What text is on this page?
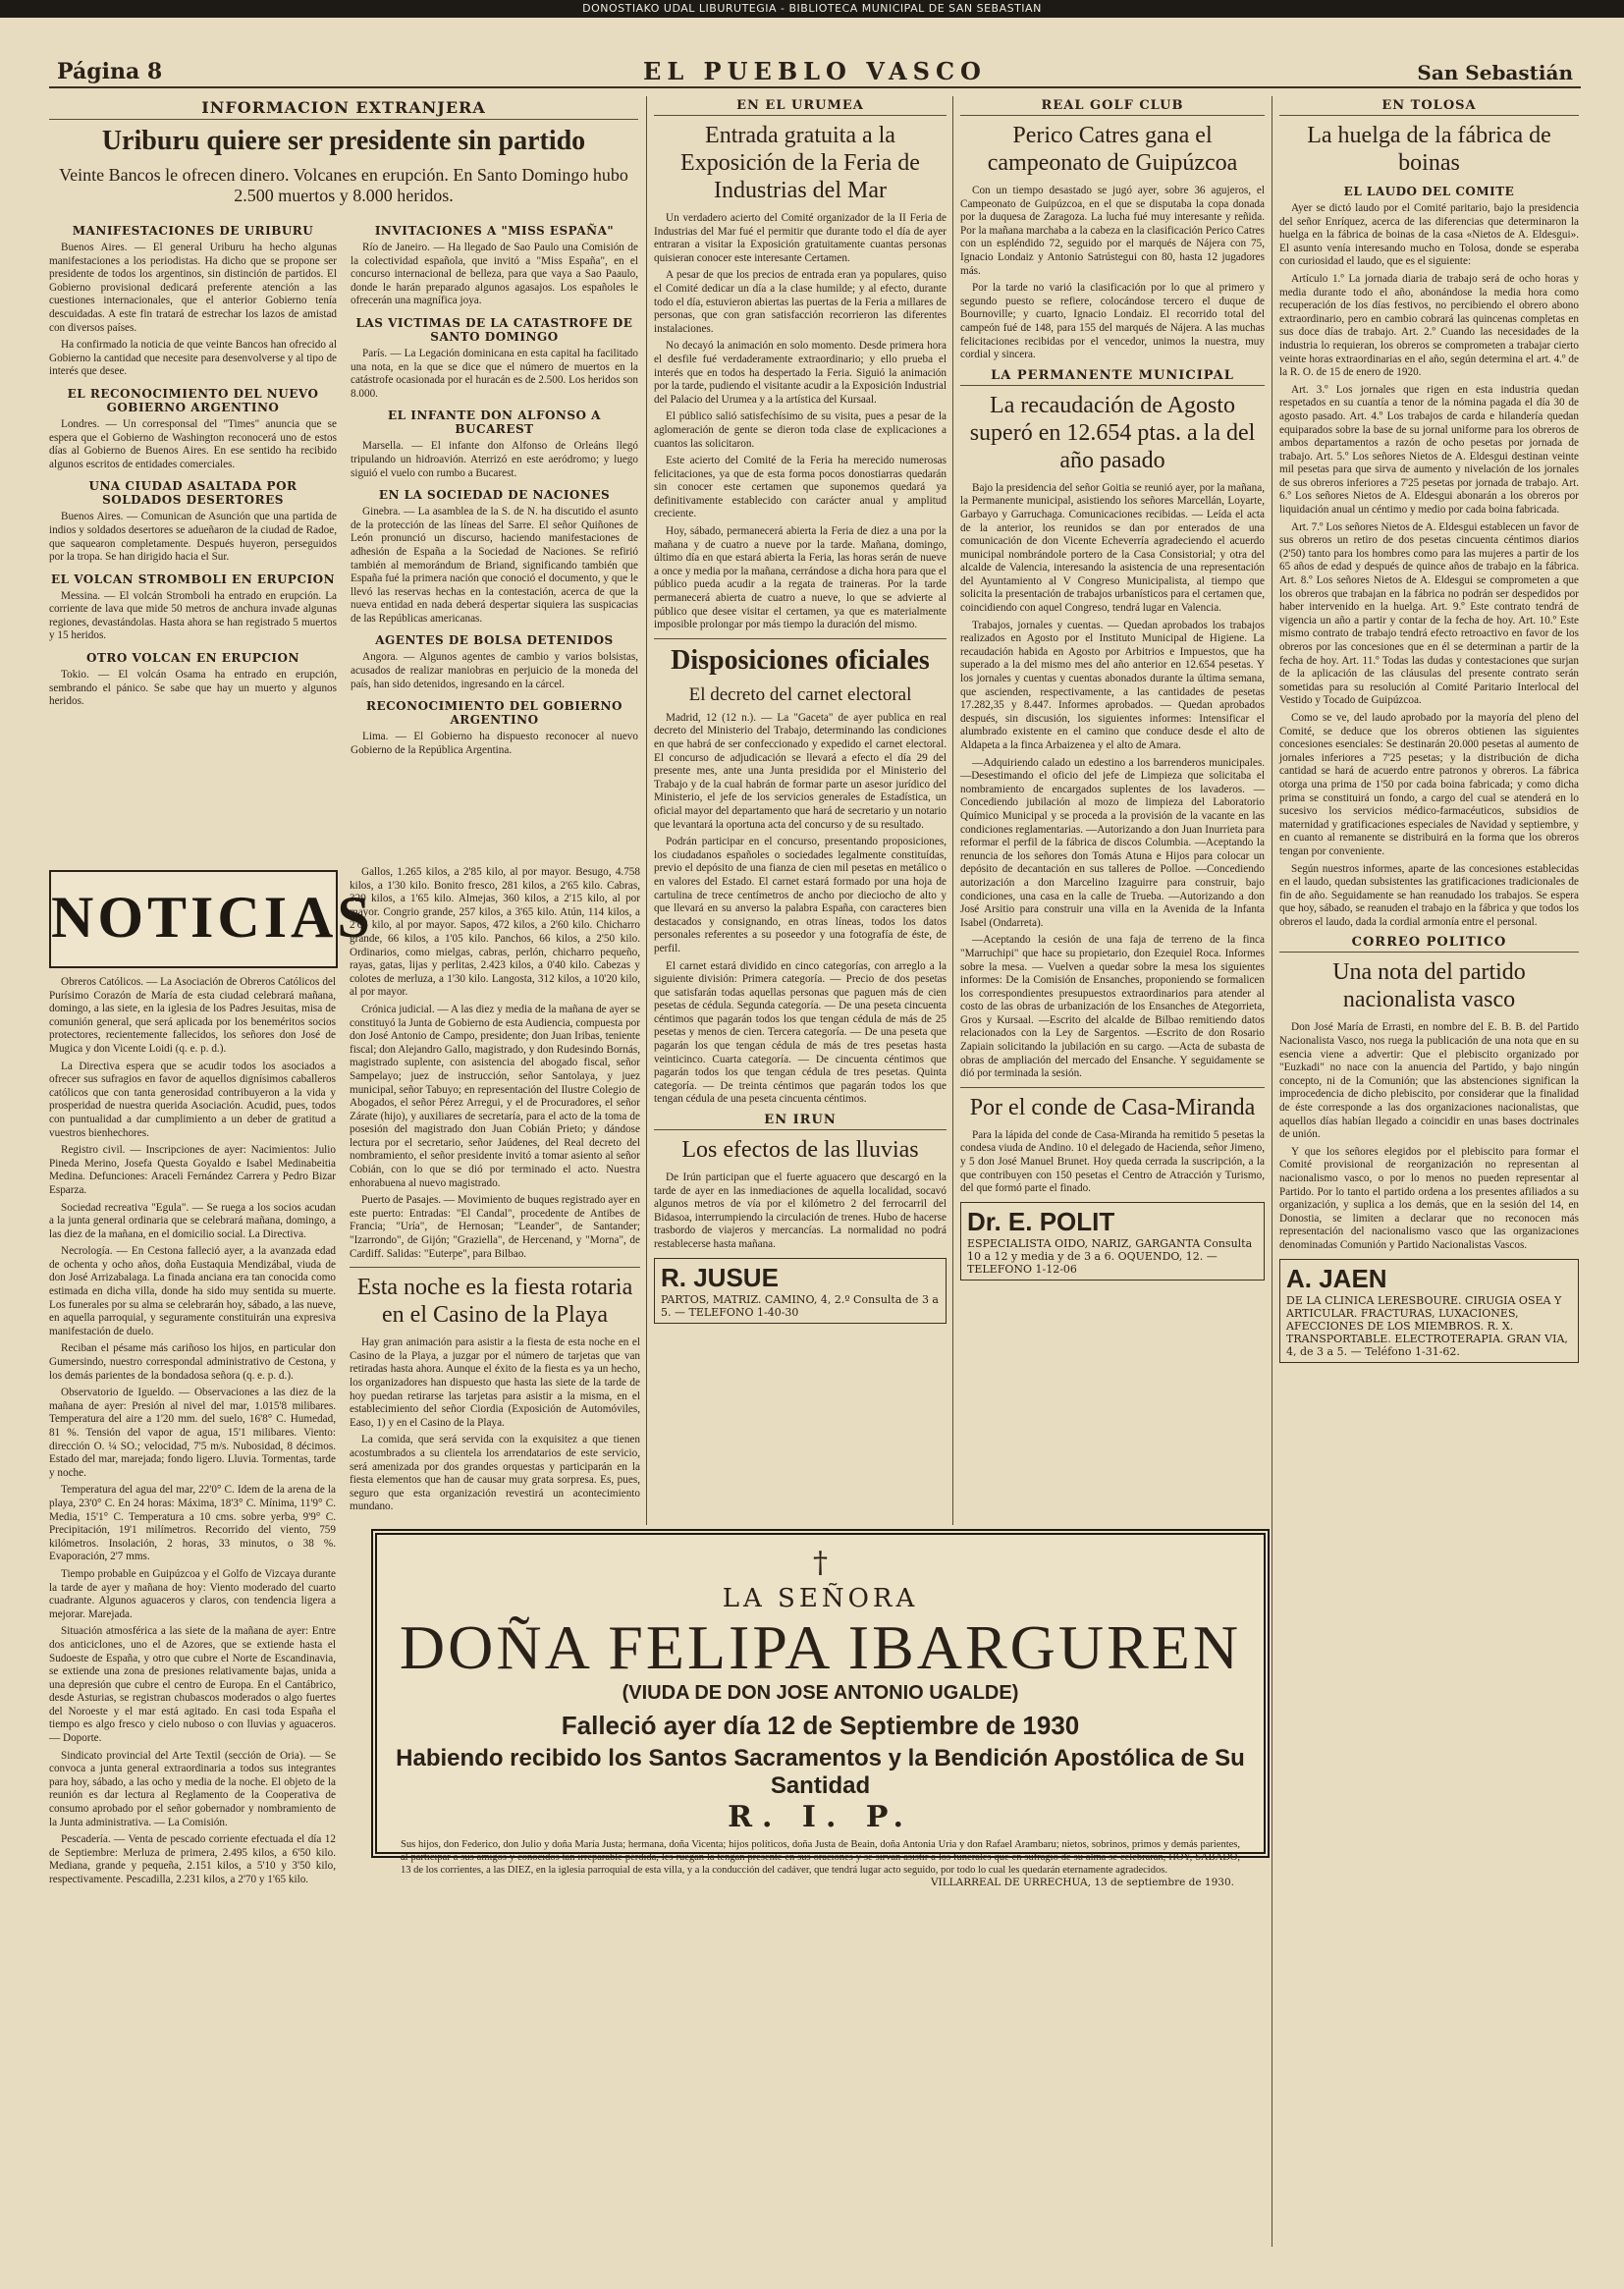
DONOSTIAKO UDAL LIBURUTEGIA - BIBLIOTECA MUNICIPAL DE SAN SEBASTIAN
Página 8	EL PUEBLO VASCO	San Sebastián
INFORMACION EXTRANJERA
Uriburu quiere ser presidente sin partido
Veinte Bancos le ofrecen dinero. Volcanes en erupción. En Santo Domingo hubo 2.500 muertos y 8.000 heridos.
MANIFESTACIONES DE URIBURU

Buenos Aires. — El general Uriburu ha hecho algunas manifestaciones a los periodistas. Ha dicho que se propone ser presidente de todos los argentinos, sin distinción de partidos. El Gobierno provisional dedicará preferente atención a las cuestiones internacionales, que el anterior Gobierno tenía descuidadas. A este fin tratará de estrechar los lazos de amistad con diversos países.

Ha confirmado la noticia de que veinte Bancos han ofrecido al Gobierno la cantidad que necesite para desenvolverse y al tipo de interés que desee.

EL RECONOCIMIENTO DEL NUEVO GOBIERNO ARGENTINO

Londres. — Un corresponsal del "Times" anuncia que se espera que el Gobierno de Washington reconocerá uno de estos días al Gobierno de Buenos Aires. En ese sentido ha recibido algunos escritos de entidades comerciales.

UNA CIUDAD ASALTADA POR SOLDADOS DESERTORES

Buenos Aires. — Comunican de Asunción que una partida de indios y soldados desertores se adueñaron de la ciudad de Radoe, que saquearon completamente. Después huyeron, perseguidos por la tropa. Se han dirigido hacia el Sur.

EL VOLCAN STROMBOLI EN ERUPCION

Messina. — El volcán Stromboli ha entrado en erupción. La corriente de lava que mide 50 metros de anchura invade algunas regiones, devastándolas. Hasta ahora se han registrado 5 muertos y 15 heridos.

OTRO VOLCAN EN ERUPCION

Tokio. — El volcán Osama ha entrado en erupción, sembrando el pánico. Se sabe que hay un muerto y algunos heridos.

INVITACIONES A "MISS ESPAÑA"

Río de Janeiro. — Ha llegado de Sao Paulo una Comisión de la colectividad española, que invitó a "Miss España", en el concurso internacional de belleza, para que vaya a Sao Paaulo, donde le harán preparado algunos agasajos. Los españoles le ofrecerán una magnífica joya.

LAS VICTIMAS DE LA CATASTROFE DE SANTO DOMINGO

París. — La Legación dominicana en esta capital ha facilitado una nota, en la que se dice que el número de muertos en la catástrofe ocasionada por el huracán es de 2.500. Los heridos son 8.000.

EL INFANTE DON ALFONSO A BUCAREST

Marsella. — El infante don Alfonso de Orleáns llegó tripulando un hidroavión. Aterrizó en este aeródromo; y luego siguió el vuelo con rumbo a Bucarest.

EN LA SOCIEDAD DE NACIONES

Ginebra. — La asamblea de la S. de N. ha discutido el asunto de la protección de las líneas del Sarre. El señor Quiñones de León pronunció un discurso, haciendo manifestaciones de adhesión de España a la Sociedad de Naciones. Se refirió también al memorándum de Briand, significando también que España fué la primera nación que conoció el documento, y que le llevó las reservas hechas en la contestación, acerca de que la nueva entidad en nada deberá despertar siquiera las suspicacias de las Repúblicas americanas.

AGENTES DE BOLSA DETENIDOS

Angora. — Algunos agentes de cambio y varios bolsistas, acusados de realizar maniobras en perjuicio de la moneda del país, han sido detenidos, ingresando en la cárcel.

RECONOCIMIENTO DEL GOBIERNO ARGENTINO

Lima. — El Gobierno ha dispuesto reconocer al nuevo Gobierno de la República Argentina.

NOTICIAS

Obreros Católicos. — La Asociación de Obreros Católicos del Purísimo Corazón de María de esta ciudad celebrará mañana, domingo, a las siete, en la iglesia de los Padres Jesuitas, misa de comunión general, que será aplicada por los beneméritos socios protectores, recientemente fallecidos, los señores don José de Mugica y don Vicente Loidi (q. e. p. d.).

La Directiva espera que se acudir todos los asociados a ofrecer sus sufragios en favor de aquellos dignísimos caballeros católicos que con tanta generosidad contribuyeron a la vida y prosperidad de nuestra querida Asociación. Acudid, pues, todos con puntualidad a dar cumplimiento a un deber de gratitud a vuestros bienhechores.

Registro civil. — Inscripciones de ayer: Nacimientos: Julio Pineda Merino, Josefa Questa Goyaldo e Isabel Medinabeitia Medina. Defunciones: Araceli Fernández Carrera y Pedro Bizar Esparza.

Sociedad recreativa "Egula". — Se ruega a los socios acudan a la junta general ordinaria que se celebrará mañana, domingo, a las diez de la mañana, en el domicilio social. La Directiva.

Necrología. — En Cestona falleció ayer, a la avanzada edad de ochenta y ocho años, doña Eustaquia Mendizábal, viuda de don José Arrizabalaga. La finada anciana era tan conocida como estimada en dicha villa, donde ha sido muy sentida su muerte. Los funerales por su alma se celebrarán hoy, sábado, a las nueve, en aquella parroquial, y seguramente constituirán una expresiva manifestación de duelo.

Reciban el pésame más cariñoso los hijos, en particular don Gumersindo, nuestro correspondal administrativo de Cestona, y los demás parientes de la bondadosa señora (q. e. p. d.).

Observatorio de Igueldo. — Observaciones a las diez de la mañana de ayer: Presión al nivel del mar, 1.015'8 milibares. Temperatura del aire a 1'20 mm. del suelo, 16'8° C. Humedad, 81 %. Tensión del vapor de agua, 15'1 milibares. Viento: dirección O. ¼ SO.; velocidad, 7'5 m/s. Nubosidad, 8 décimos. Estado del mar, marejada; fondo ligero. Lluvia. Tormentas, tarde y noche.

Temperatura del agua del mar, 22'0° C. Idem de la arena de la playa, 23'0° C. En 24 horas: Máxima, 18'3° C. Mínima, 11'9° C. Media, 15'1° C. Temperatura a 10 cms. sobre yerba, 9'9° C. Precipitación, 19'1 milímetros. Recorrido del viento, 759 kilómetros. Insolación, 2 horas, 33 minutos, o 38 %. Evaporación, 2'7 mms.

Tiempo probable en Guipúzcoa y el Golfo de Vizcaya durante la tarde de ayer y mañana de hoy: Viento moderado del cuarto cuadrante. Algunos aguaceros y claros, con tendencia ligera a mejorar. Marejada.

Situación atmosférica a las siete de la mañana de ayer: Entre dos anticiclones, uno el de Azores, que se extiende hasta el Sudoeste de España, y otro que cubre el Norte de Escandinavia, se extiende una zona de presiones relativamente bajas, unida a una depresión que cubre el centro de Europa. En el Cantábrico, desde Asturias, se registran chubascos moderados o algo fuertes del Noroeste y el mar está agitado. En casi toda España el tiempo es algo fresco y cielo nuboso o con lluvias y aguaceros. — Doporte.

Sindicato provincial del Arte Textil (sección de Oria). — Se convoca a junta general extraordinaria a todos sus integrantes para hoy, sábado, a las ocho y media de la noche. El objeto de la reunión es dar lectura al Reglamento de la Cooperativa de consumo aprobado por el señor gobernador y nombramiento de la Junta administrativa. — La Comisión.

Pescadería. — Venta de pescado corriente efectuada el día 12 de Septiembre: Merluza de primera, 2.495 kilos, a 6'50 kilo. Mediana, grande y pequeña, 2.151 kilos, a 5'10 y 3'50 kilo, respectivamente. Pescadilla, 2.231 kilos, a 2'70 y 1'65 kilo.

Gallos, 1.265 kilos, a 2'85 kilo, al por mayor. Besugo, 4.758 kilos, a 1'30 kilo. Bonito fresco, 281 kilos, a 2'65 kilo. Cabras, 329 kilos, a 1'65 kilo. Almejas, 360 kilos, a 2'15 kilo, al por mayor. Congrio grande, 257 kilos, a 3'65 kilo. Atún, 114 kilos, a 2'65 kilo, al por mayor. Sapos, 472 kilos, a 2'60 kilo. Chicharro grande, 66 kilos, a 1'05 kilo. Panchos, 66 kilos, a 2'50 kilo. Ordinarios, como mielgas, cabras, perlón, chicharro pequeño, rayas, gatas, lijas y perlitas, 2.423 kilos, a 0'40 kilo. Cabezas y colotes de merluza, a 1'30 kilo. Langosta, 312 kilos, a 10'20 kilo, al por mayor.

Crónica judicial. — A las diez y media de la mañana de ayer se constituyó la Junta de Gobierno de esta Audiencia, compuesta por don José Antonio de Campo, presidente; don Juan Iribas, teniente fiscal; don Alejandro Gallo, magistrado, y don Rudesindo Bornás, magistrado suplente, con asistencia del abogado fiscal, señor Sampelayo; juez de instrucción, señor Santolaya, y juez municipal, señor Tabuyo; en representación del Ilustre Colegio de Abogados, el señor Pérez Arregui, y el de Procuradores, el señor Zárate (hijo), y auxiliares de secretaría, para el acto de la toma de posesión del magistrado don Juan Cobián Prieto; y dándose lectura por el secretario, señor Jaúdenes, del Real decreto del nombramiento, el señor presidente invitó a tomar asiento al señor Cobián, con lo que se dió por terminado el acto. Nuestra enhorabuena al nuevo magistrado.

Puerto de Pasajes. — Movimiento de buques registrado ayer en este puerto: Entradas: "El Candal", procedente de Antibes de Francia; "Uría", de Hernosan; "Leander", de Santander; "Izarrondo", de Gijón; "Graziella", de Hercenand, y "Morna", de Cardiff. Salidas: "Euterpe", para Bilbao.

Esta noche es la fiesta rotaria en el Casino de la Playa

Hay gran animación para asistir a la fiesta de esta noche en el Casino de la Playa, a juzgar por el número de tarjetas que van retiradas hasta ahora. Aunque el éxito de la fiesta es ya un hecho, los organizadores han dispuesto que hasta las siete de la tarde de hoy puedan retirarse las tarjetas para asistir a la misma, en el establecimiento del señor Ciordia (Exposición de Automóviles, Easo, 1) y en el Casino de la Playa.

La comida, que será servida con la exquisitez a que tienen acostumbrados a su clientela los arrendatarios de este servicio, será amenizada por dos grandes orquestas y participarán en la fiesta elementos que han de causar muy grata sorpresa. Es, pues, seguro que esta organización revestirá un acontecimiento mundano.

EN EL URUMEA
Entrada gratuita a la Exposición de la Feria de Industrias del Mar

Un verdadero acierto del Comité organizador de la II Feria de Industrias del Mar fué el permitir que durante todo el día de ayer entraran a visitar la Exposición gratuitamente cuantas personas quisieran conocer este interesante Certamen.

A pesar de que los precios de entrada eran ya populares, quiso el Comité dedicar un día a la clase humilde; y al efecto, durante todo el día, estuvieron abiertas las puertas de la Feria a millares de personas, que con gran satisfacción recorrieron las diferentes instalaciones.

No decayó la animación en solo momento. Desde primera hora el desfile fué verdaderamente extraordinario; y ello prueba el interés que en todos ha despertado la Feria. Siguió la animación por la tarde, pudiendo el visitante acudir a la Exposición Industrial del Palacio del Urumea y a la artística del Kursaal.

El público salió satisfechísimo de su visita, pues a pesar de la aglomeración de gente se dieron toda clase de explicaciones a cuantos las solicitaron.

Este acierto del Comité de la Feria ha merecido numerosas felicitaciones, ya que de esta forma pocos donostiarras quedarán sin conocer este certamen que suponemos quedará ya definitivamente establecido con carácter anual y amplitud creciente.

Hoy, sábado, permanecerá abierta la Feria de diez a una por la mañana y de cuatro a nueve por la tarde. Mañana, domingo, último día en que estará abierta la Feria, las horas serán de nueve a once y media por la mañana, cerrándose a dicha hora para que el público pueda acudir a la regata de traineras. Por la tarde permanecerá abierta de cuatro a nueve, lo que se advierte al público que desee visitar el certamen, ya que es materialmente imposible prolongar por más tiempo la duración del mismo.

Disposiciones oficiales
El decreto del carnet electoral

Madrid, 12 (12 n.). — La "Gaceta" de ayer publica en real decreto del Ministerio del Trabajo, determinando las condiciones en que habrá de ser confeccionado y expedido el carnet electoral. El concurso de adjudicación se llevará a efecto el día 29 del presente mes, ante una Junta presidida por el Ministerio del Trabajo y de la cual habrán de formar parte un asesor jurídico del Ministerio, el jefe de los servicios generales de Estadística, un oficial mayor del departamento que hará de secretario y un notario que levantará la oportuna acta del concurso y de su resultado.

Podrán participar en el concurso, presentando proposiciones, los ciudadanos españoles o sociedades legalmente constituídas, previo el depósito de una fianza de cien mil pesetas en metálico o en valores del Estado. El carnet estará formado por una hoja de cartulina de trece centímetros de ancho por dieciocho de alto y que llevará en su anverso la palabra España, con caracteres bien destacados y consignando, en otras líneas, todos los datos personales referentes a su poseedor y una fotografía de éste, de perfil.

El carnet estará dividido en cinco categorías, con arreglo a la siguiente división: Primera categoría. — Precio de dos pesetas que satisfarán todas aquellas personas que paguen más de cien pesetas de cédula. Segunda categoría. — De una peseta cincuenta céntimos que pagarán todos los que tengan cédula de más de 25 pesetas y menos de cien. Tercera categoría. — De una peseta que pagarán los que tengan cédula de más de tres pesetas hasta veinticinco. Cuarta categoría. — De cincuenta céntimos que pagarán todos los que tengan cédula de tres pesetas. Quinta categoría. — De treinta céntimos que pagarán todos los que tengan cédula de una peseta cincuenta céntimos.

EN IRUN
Los efectos de las lluvias

De Irún participan que el fuerte aguacero que descargó en la tarde de ayer en las inmediaciones de aquella localidad, socavó algunos metros de vía por el kilómetro 2 del ferrocarril del Bidasoa, interrumpiendo la circulación de trenes. Hubo de hacerse trasbordo de viajeros y mercancías. La normalidad no podrá restablecerse hasta mañana.

R. JUSUE
PARTOS, MATRIZ. CAMINO, 4, 2.º Consulta de 3 a 5. — TELEFONO 1-40-30
REAL GOLF CLUB
Perico Catres gana el campeonato de Guipúzcoa

Con un tiempo desastado se jugó ayer, sobre 36 agujeros, el Campeonato de Guipúzcoa, en el que se disputaba la copa donada por la duquesa de Zaragoza. La lucha fué muy interesante y reñida. Por la mañana marchaba a la cabeza en la clasificación Perico Catres con un espléndido 72, seguido por el marqués de Nájera con 75, Ignacio Londaiz y Antonio Satrústegui con 80, hasta 12 jugadores más.

Por la tarde no varió la clasificación por lo que al primero y segundo puesto se refiere, colocándose tercero el duque de Bournoville; y cuarto, Ignacio Londaiz. El recorrido total del campeón fué de 148, para 155 del marqués de Nájera. A las muchas felicitaciones recibidas por el vencedor, unimos la nuestra, muy cordial y sincera.

LA PERMANENTE MUNICIPAL
La recaudación de Agosto superó en 12.654 ptas. a la del año pasado

Bajo la presidencia del señor Goitia se reunió ayer, por la mañana, la Permanente municipal, asistiendo los señores Marcellán, Loyarte, Garbayo y Garruchaga. Comunicaciones recibidas. — Leída el acta de la anterior, los reunidos se dan por enterados de una comunicación de don Vicente Echeverría agradeciendo el acuerdo municipal nombrándole portero de la Casa Consistorial; y otra del alcalde de Valencia, interesando la asistencia de una representación del Ayuntamiento al V Congreso Municipalista, al tiempo que solicita la presentación de trabajos urbanísticos para el certamen que, coincidiendo con aquel Congreso, tendrá lugar en Valencia.

Trabajos, jornales y cuentas. — Quedan aprobados los trabajos realizados en Agosto por el Instituto Municipal de Higiene. La recaudación habida en Agosto por Arbitrios e Impuestos, que ha superado a la del mismo mes del año anterior en 12.654 pesetas. Y los jornales y cuentas y cuentas abonados durante la última semana, que ascienden, respectivamente, a las cantidades de pesetas 17.282,35 y 8.447. Informes aprobados. — Quedan aprobados después, sin discusión, los siguientes informes: Intensificar el alumbrado existente en el camino que conduce desde el alto de Aldapeta a la finca Arbaizenea y el alto de Amara.

—Adquiriendo calado un edestino a los barrenderos municipales. —Desestimando el oficio del jefe de Limpieza que solicitaba el nombramiento de encargados suplentes de los lavaderos. —Concediendo jubilación al mozo de limpieza del Laboratorio Químico Municipal y se proceda a la provisión de la vacante en las condiciones reglamentarias. —Autorizando a don Juan Inurrieta para reformar el perfil de la fábrica de discos Columbia. —Aceptando la renuncia de los señores don Tomás Atuna e Hijos para colocar un depósito de decantación en sus talleres de Polloe. —Concediendo autorización a don Marcelino Izaguirre para construir, bajo condiciones, una casa en la calle de Trueba. —Autorizando a don José Arsitio para construir una villa en la Avenida de la Infanta Isabel (Ondarreta).

—Aceptando la cesión de una faja de terreno de la finca "Marruchipi" que hace su propietario, don Ezequiel Roca. Informes sobre la mesa. — Vuelven a quedar sobre la mesa los siguientes informes: De la Comisión de Ensanches, proponiendo se formalicen los correspondientes presupuestos extraordinarios para atender al costo de las obras de urbanización de los Ensanches de Ategorrieta, Gros y Kursaal. —Escrito del alcalde de Bilbao remitiendo datos relacionados con la Ley de Sargentos. —Escrito de don Rosario Zapiain solicitando la jubilación en su cargo. —Acta de subasta de obras de ampliación del mercado del Ensanche. Y seguidamente se dió por terminada la sesión.

Por el conde de Casa-Miranda

Para la lápida del conde de Casa-Miranda ha remitido 5 pesetas la condesa viuda de Andino. 10 el delegado de Hacienda, señor Jimeno, y 5 don José Manuel Brunet. Hoy queda cerrada la suscripción, a la que contribuyen con 150 pesetas el Centro de Atracción y Turismo, del que formó parte el finado.

Dr. E. POLIT
ESPECIALISTA OIDO, NARIZ, GARGANTA Consulta 10 a 12 y media y de 3 a 6. OQUENDO, 12. — TELEFONO 1-12-06
EN TOLOSA
La huelga de la fábrica de boinas
EL LAUDO DEL COMITE

Ayer se dictó laudo por el Comité paritario, bajo la presidencia del señor Enríquez, acerca de las diferencias que determinaron la huelga en la fábrica de boinas de la casa «Nietos de A. Eldesgui». El asunto venía interesando mucho en Tolosa, donde se esperaba con curiosidad el laudo, que es el siguiente:

Artículo 1.º La jornada diaria de trabajo será de ocho horas y media durante todo el año, abonándose la media hora como recuperación de los días festivos, no percibiendo el obrero abono extraordinario, pero en cambio cobrará las quincenas completas en sus doce días de trabajo. Art. 2.º Cuando las necesidades de la industria lo requieran, los obreros se comprometen a trabajar cierto veinte horas extraordinarias en el año, según determina el art. 4.º de la R. O. de 15 de enero de 1920.

Art. 3.º Los jornales que rigen en esta industria quedan respetados en su cuantía a tenor de la nómina pagada el día 30 de agosto pasado. Art. 4.º Los trabajos de carda e hilandería quedan equiparados sobre la base de su jornal uniforme para los obreros de ambos departamentos a razón de ocho pesetas por jornada de trabajo. Art. 5.º Los señores Nietos de A. Eldesgui destinan veinte mil pesetas para que sirva de aumento y nivelación de los jornales de sus obreros inferiores a 7'25 pesetas por jornada de trabajo. Art. 6.º Los señores Nietos de A. Eldesgui abonarán a los obreros por liquidación anual un céntimo y medio por cada boina fabricada.

Art. 7.º Los señores Nietos de A. Eldesgui establecen un favor de sus obreros un retiro de dos pesetas cincuenta céntimos diarios (2'50) tanto para los hombres como para las mujeres a partir de los 65 años de edad y después de quince años de trabajo en la fábrica. Art. 8.º Los señores Nietos de A. Eldesgui se comprometen a que los obreros que trabajan en la fábrica no podrán ser despedidos por haber intervenido en la huelga. Art. 9.º Este contrato tendrá de vigencia un año a partir y contar de la fecha de hoy. Art. 10.º Este mismo contrato de trabajo tendrá efecto retroactivo en favor de los obreros por las concesiones que en él se determinan a partir de la fecha de hoy. Art. 11.º Todas las dudas y contestaciones que surjan de la aplicación de las cláusulas del presente contrato serán sometidas para su resolución al Comité Paritario Interlocal del Vestido y Tocado de Guipúzcoa.

Como se ve, del laudo aprobado por la mayoría del pleno del Comité, se deduce que los obreros obtienen las siguientes concesiones esenciales: Se destinarán 20.000 pesetas al aumento de jornales inferiores a 7'25 pesetas; y la distribución de dicha cantidad se hará de acuerdo entre patronos y obreros. La fábrica otorga una prima de 1'50 por cada boina fabricada; y como dicha prima se constituirá un fondo, a cargo del cual se atenderá en lo sucesivo los servicios médico-farmacéuticos, subsidios de maternidad y gratificaciones especiales de Navidad y septiembre, y en cuanto al remanente se distribuirá en la forma que los obreros tengan por conveniente.

Según nuestros informes, aparte de las concesiones establecidas en el laudo, quedan subsistentes las gratificaciones tradicionales de fin de año. Seguidamente se han reanudado los trabajos. Se espera que hoy, sábado, se reanuden el trabajo en la fábrica y que todos los obreros el laudo, dada la cordial armonía entre el personal.

CORREO POLITICO
Una nota del partido nacionalista vasco

Don José María de Errasti, en nombre del E. B. B. del Partido Nacionalista Vasco, nos ruega la publicación de una nota que en su esencia viene a advertir: Que el plebiscito organizado por "Euzkadi" no nace con la anuencia del Partido, y bajo ningún concepto, ni de la Comunión; que las abstenciones significan la improcedencia de dicho plebiscito, por considerar que la finalidad de éste corresponde a las dos organizaciones nacionalistas, que aquellos días habían llegado a coincidir en unas bases doctrinales de unión.

Y que los señores elegidos por el plebiscito para formar el Comité provisional de reorganización no representan al nacionalismo vasco, o por lo menos no pueden representar al Partido. Por lo tanto el partido ordena a los presentes afiliados a su organización, y suplica a los demás, que en la sesión del 14, en Donostia, se limiten a declarar que no reconocen más representación del nacionalismo vasco que las organizaciones denominadas Comunión y Partido Nacionalistas Vascos.

A. JAEN
DE LA CLINICA LERESBOURE. CIRUGIA OSEA Y ARTICULAR. FRACTURAS, LUXACIONES, AFECCIONES DE LOS MIEMBROS. R. X. TRANSPORTABLE. ELECTROTERAPIA. GRAN VIA, 4, de 3 a 5. — Teléfono 1-31-62.
†
LA SEÑORA
DOÑA FELIPA IBARGUREN
(VIUDA DE DON JOSE ANTONIO UGALDE)
Falleció ayer día 12 de Septiembre de 1930
Habiendo recibido los Santos Sacramentos y la Bendición Apostólica de Su Santidad
R. I. P.
Sus hijos, don Federico, don Julio y doña María Justa; hermana, doña Vicenta; hijos políticos, doña Justa de Beain, doña Antonia Uria y don Rafael Arambaru; nietos, sobrinos, primos y demás parientes, al participar a sus amigos y conocidos tan irreparable pérdida, les ruegan la tengan presente en sus oraciones y se sirvan asistir a los funerales que en sufragio de su alma se celebrarán, HOY, SABADO, 13 de los corrientes, a las DIEZ, en la iglesia parroquial de esta villa, y a la conducción del cadáver, que tendrá lugar acto seguido, por todo lo cual les quedarán eternamente agradecidos.
VILLARREAL DE URRECHUA, 13 de septiembre de 1930.
